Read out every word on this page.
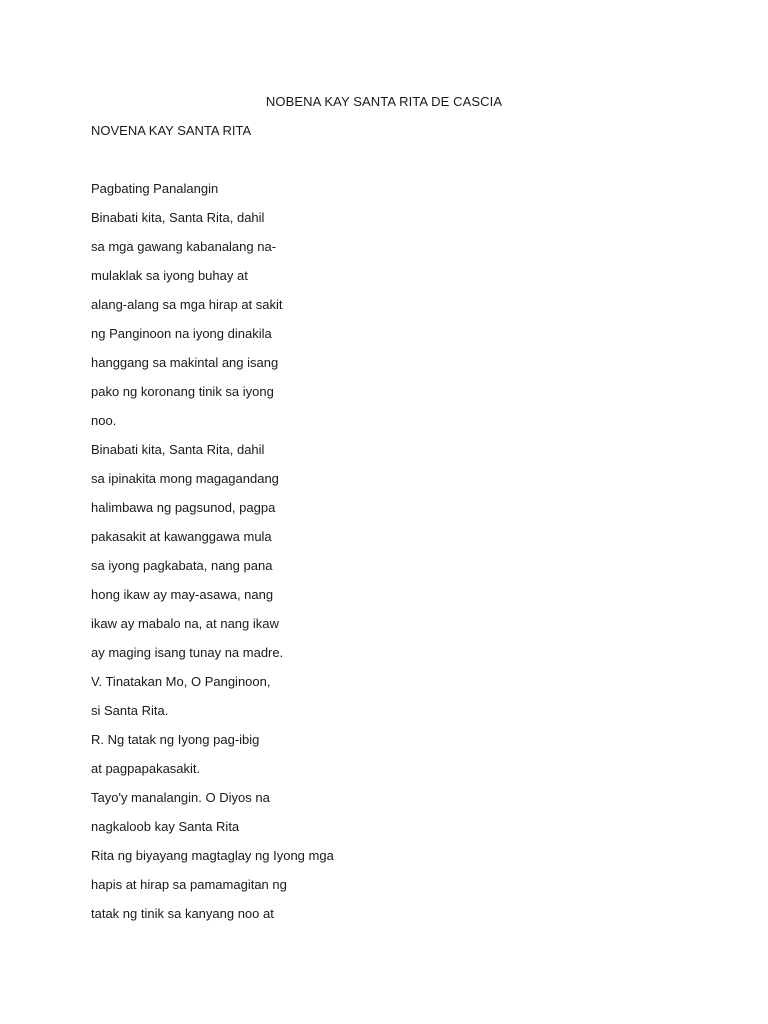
NOBENA KAY SANTA RITA DE CASCIA
NOVENA KAY SANTA RITA
Pagbating Panalangin
Binabati kita, Santa Rita, dahil
sa mga gawang kabanalang na-
mulaklak sa iyong buhay at
alang-alang sa mga hirap at sakit
ng Panginoon na iyong dinakila
hanggang sa makintal ang isang
pako ng koronang tinik sa iyong
noo.
Binabati kita, Santa Rita, dahil
sa ipinakita mong magagandang
halimbawa ng pagsunod, pagpa
pakasakit at kawanggawa mula
sa iyong pagkabata, nang pana
hong ikaw ay may-asawa, nang
ikaw ay mabalo na, at nang ikaw
ay maging isang tunay na madre.
V. Tinatakan Mo, O Panginoon,
si Santa Rita.
R. Ng tatak ng Iyong pag-ibig
at pagpapakasakit.
Tayo'y manalangin. O Diyos na
nagkaloob kay Santa Rita
Rita ng biyayang magtaglay ng Iyong mga
hapis at hirap sa pamamagitan ng
tatak ng tinik sa kanyang noo at
